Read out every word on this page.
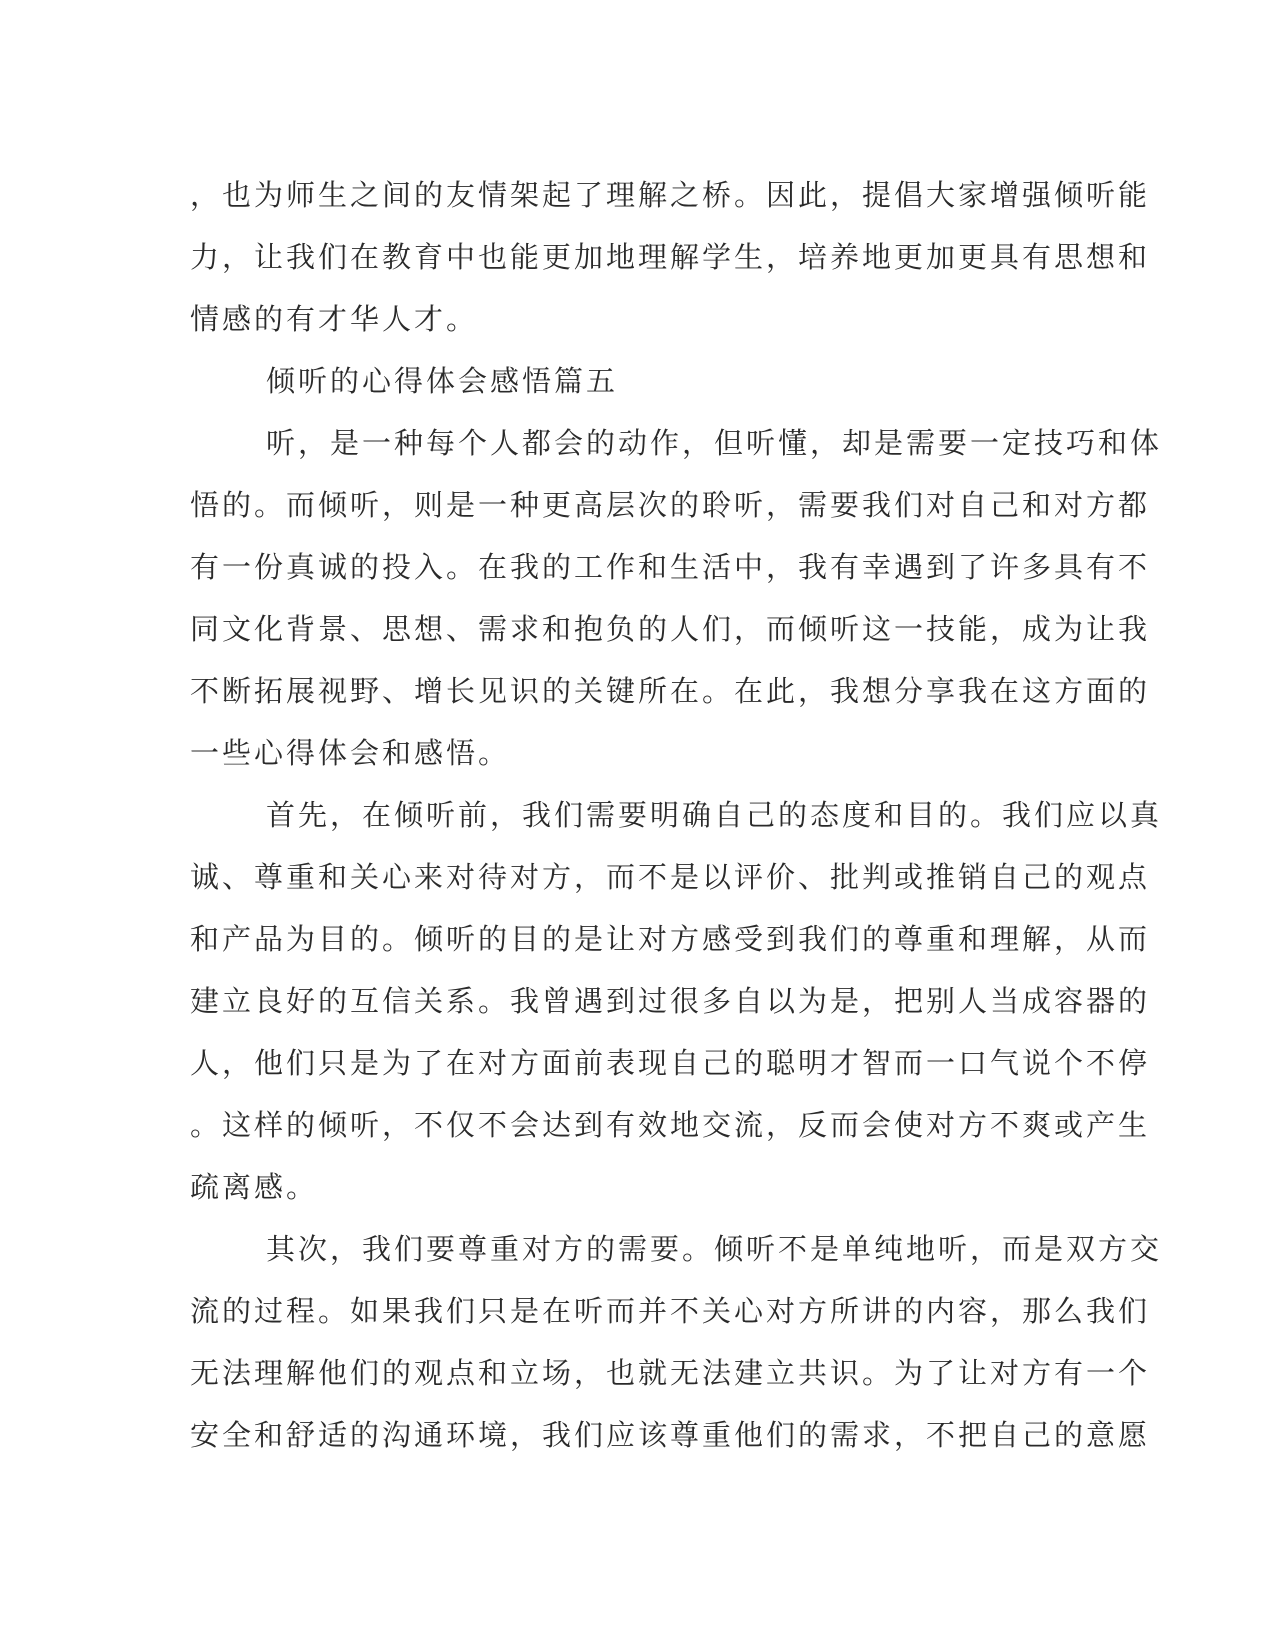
，也为师生之间的友情架起了理解之桥。因此，提倡大家增强倾听能
力，让我们在教育中也能更加地理解学生，培养地更加更具有思想和
情感的有才华人才。

倾听的心得体会感悟篇五

听，是一种每个人都会的动作，但听懂，却是需要一定技巧和体
悟的。而倾听，则是一种更高层次的聆听，需要我们对自己和对方都
有一份真诚的投入。在我的工作和生活中，我有幸遇到了许多具有不
同文化背景、思想、需求和抱负的人们，而倾听这一技能，成为让我
不断拓展视野、增长见识的关键所在。在此，我想分享我在这方面的
一些心得体会和感悟。

首先，在倾听前，我们需要明确自己的态度和目的。我们应以真
诚、尊重和关心来对待对方，而不是以评价、批判或推销自己的观点
和产品为目的。倾听的目的是让对方感受到我们的尊重和理解，从而
建立良好的互信关系。我曾遇到过很多自以为是，把别人当成容器的
人，他们只是为了在对方面前表现自己的聪明才智而一口气说个不停
。这样的倾听，不仅不会达到有效地交流，反而会使对方不爽或产生
疏离感。

其次，我们要尊重对方的需要。倾听不是单纯地听，而是双方交
流的过程。如果我们只是在听而并不关心对方所讲的内容，那么我们
无法理解他们的观点和立场，也就无法建立共识。为了让对方有一个
安全和舒适的沟通环境，我们应该尊重他们的需求，不把自己的意愿
